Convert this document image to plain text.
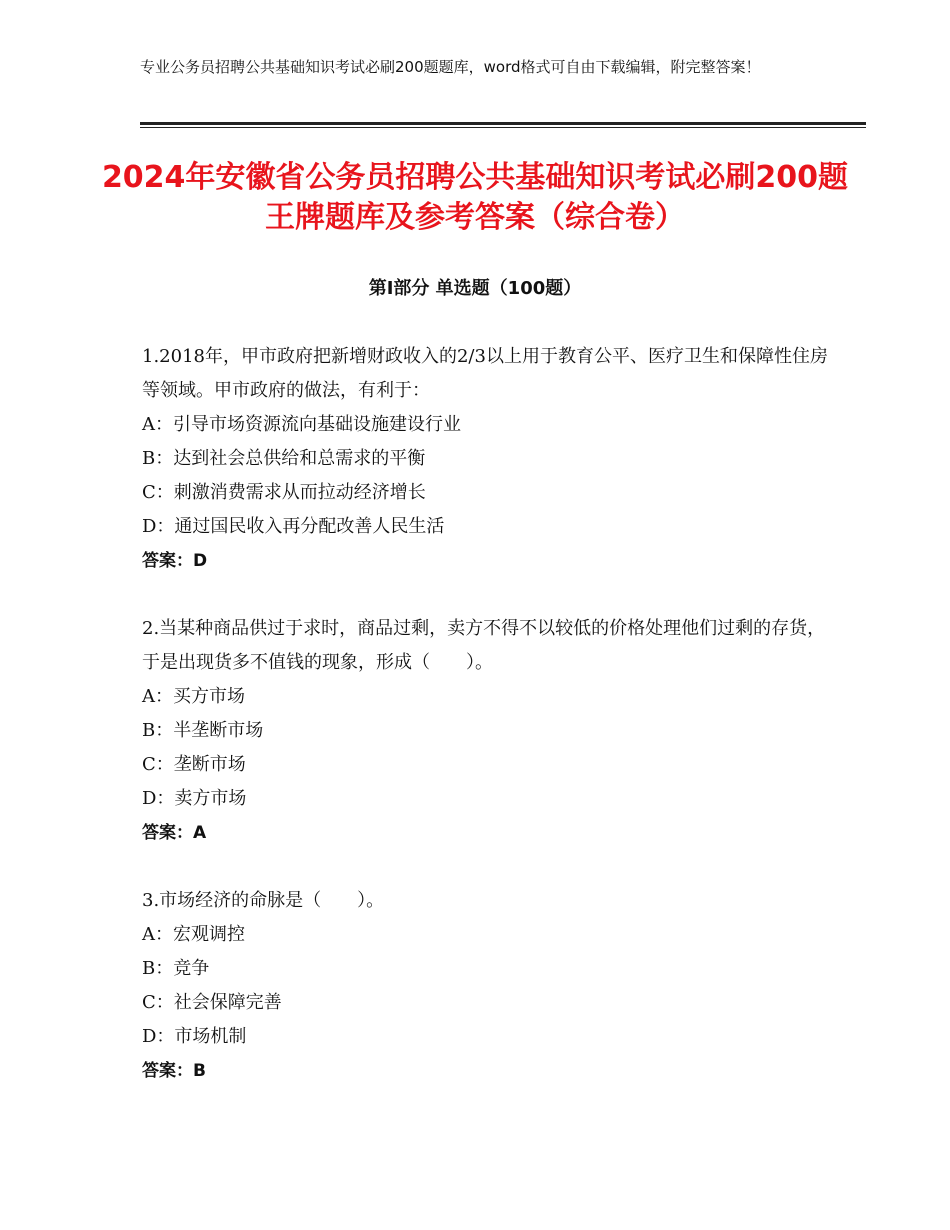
专业公务员招聘公共基础知识考试必刷200题题库，word格式可自由下载编辑，附完整答案！
2024年安徽省公务员招聘公共基础知识考试必刷200题王牌题库及参考答案（综合卷）
第Ⅰ部分 单选题（100题）
1.2018年，甲市政府把新增财政收入的2/3以上用于教育公平、医疗卫生和保障性住房等领域。甲市政府的做法，有利于：
A：引导市场资源流向基础设施建设行业
B：达到社会总供给和总需求的平衡
C：刺激消费需求从而拉动经济增长
D：通过国民收入再分配改善人民生活
答案：D
2.当某种商品供过于求时，商品过剩，卖方不得不以较低的价格处理他们过剩的存货，于是出现货多不值钱的现象，形成（　　）。
A：买方市场
B：半垄断市场
C：垄断市场
D：卖方市场
答案：A
3.市场经济的命脉是（　　）。
A：宏观调控
B：竞争
C：社会保障完善
D：市场机制
答案：B
